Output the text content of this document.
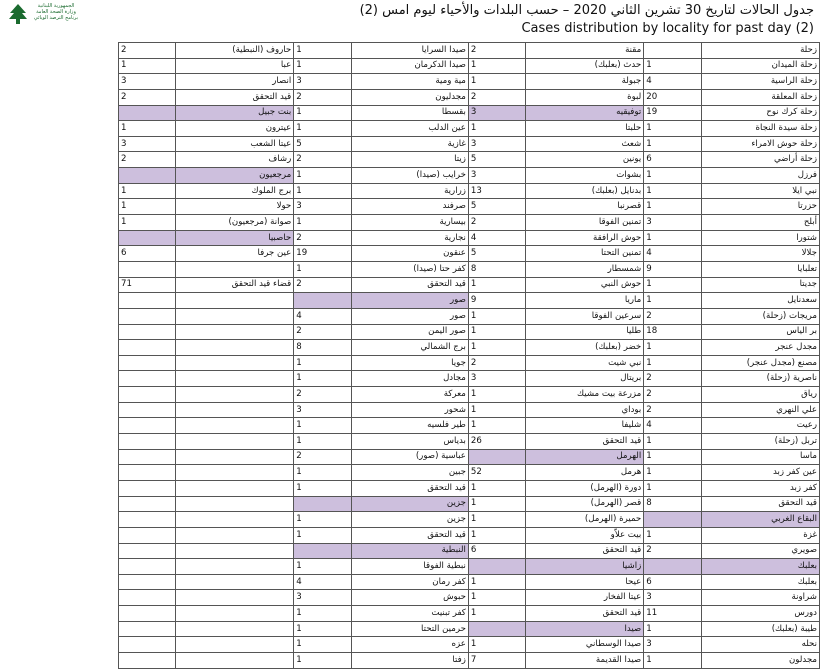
الجمهورية اللبنانية
وزارة الصحة العامة
برنامج الترصد الوبائي	جدول الحالات لتاريخ 30 تشرين الثاني 2020 – حسب البلدات والأحياء ليوم امس (2)
Cases distribution by locality for past day (2)
2	حاروف (النبطية)	1	صيدا السرايا	2	مقنة		زحلة
1	عبا	1	صيدا الدكرمان	1	حدث (بعلبك)	1	زحلة الميدان
3	انصار	3	مية ومية	1	جبولة	4	زحلة الراسية
2	قيد التحقق	2	مجدليون	2	لبوة	20	زحلة المعلقة
	بنت جبيل	1	بقسطا	3	توفيقيه	19	زحلة كرك نوح
1	عيترون	1	عين الدلب	1	حلبتا	1	زحلة سيدة النجاة
3	عيتا الشعب	5	غازية	3	شعث	1	زحلة حوش الامراء
2	رشاف	2	زيتا	5	يونين	6	زحلة أراضي
	مرجعيون	1	خرايب (صيدا)	3	بشوات	1	فرزل
1	برج الملوك	1	زرارية	13	بدنايل (بعلبك)	1	نبي ايلا
1	حولا	3	صرفند	5	قصرنبا	1	حزرتا
1	صوانة (مرجعيون)	1	بيسارية	2	تمنين الفوقا	3	أبلح
	حاصبيا	2	نجارية	4	حوش الرافقة	1	شتورا
6	عين جرفا	19	عنقون	5	تمنين التحتا	4	جلالا
		1	كفر حتا (صيدا)	8	شمسطار	9	تعلبايا
71	قضاء قيد التحقق	2	قيد التحقق	1	حوش النبي	1	جديتا
			صور	9	ماريا	1	سعدنايل
		4	صور	1	سرعين الفوقا	2	مريجات (زحلة)
		2	صور اليمن	1	طليا	18	بر الياس
		8	برج الشمالي	1	خضر (بعلبك)	1	مجدل عنجر
		1	جويا	2	نبي شيت	1	مصنع (مجدل عنجر)
		1	مجادل	3	بريتال	2	ناصرية (زحلة)
		2	معركة	1	مزرعة بيت مشيك	2	رياق
		3	شحور	1	بوداي	2	علي النهري
		1	طير فلسيه	1	شليفا	4	رعيت
		1	بدياس	26	قيد التحقق	1	تربل (زحلة)
		2	عباسية (صور)		الهرمل	1	ماسا
		1	جبين	52	هرمل	1	عين كفر زبد
		1	قيد التحقق	1	دورة (الهرمل)	1	كفر زبد
			جزين	1	قصر (الهرمل)	8	قيد التحقق
		1	جزين	1	حميرة (الهرمل)		البقاع الغربي
		1	قيد التحقق	1	بيت علاّو	1	غزة
			النبطية	6	قيد التحقق	2	صويري
		1	نبطية الفوقا		زاشيا		بعلبك
		4	كفر رمان	1	عيحا	6	بعلبك
		3	حبوش	1	عيتا الفخار	3	شراونة
		1	كفر تبنيت	1	قيد التحقق	11	دورس
		1	حرمين التحتا		صيدا	1	طيبة (بعلبك)
		1	عزه	1	صيدا الوسطاني	3	نحله
		1	زفتا	7	صيدا القديمة	1	مجدلون
